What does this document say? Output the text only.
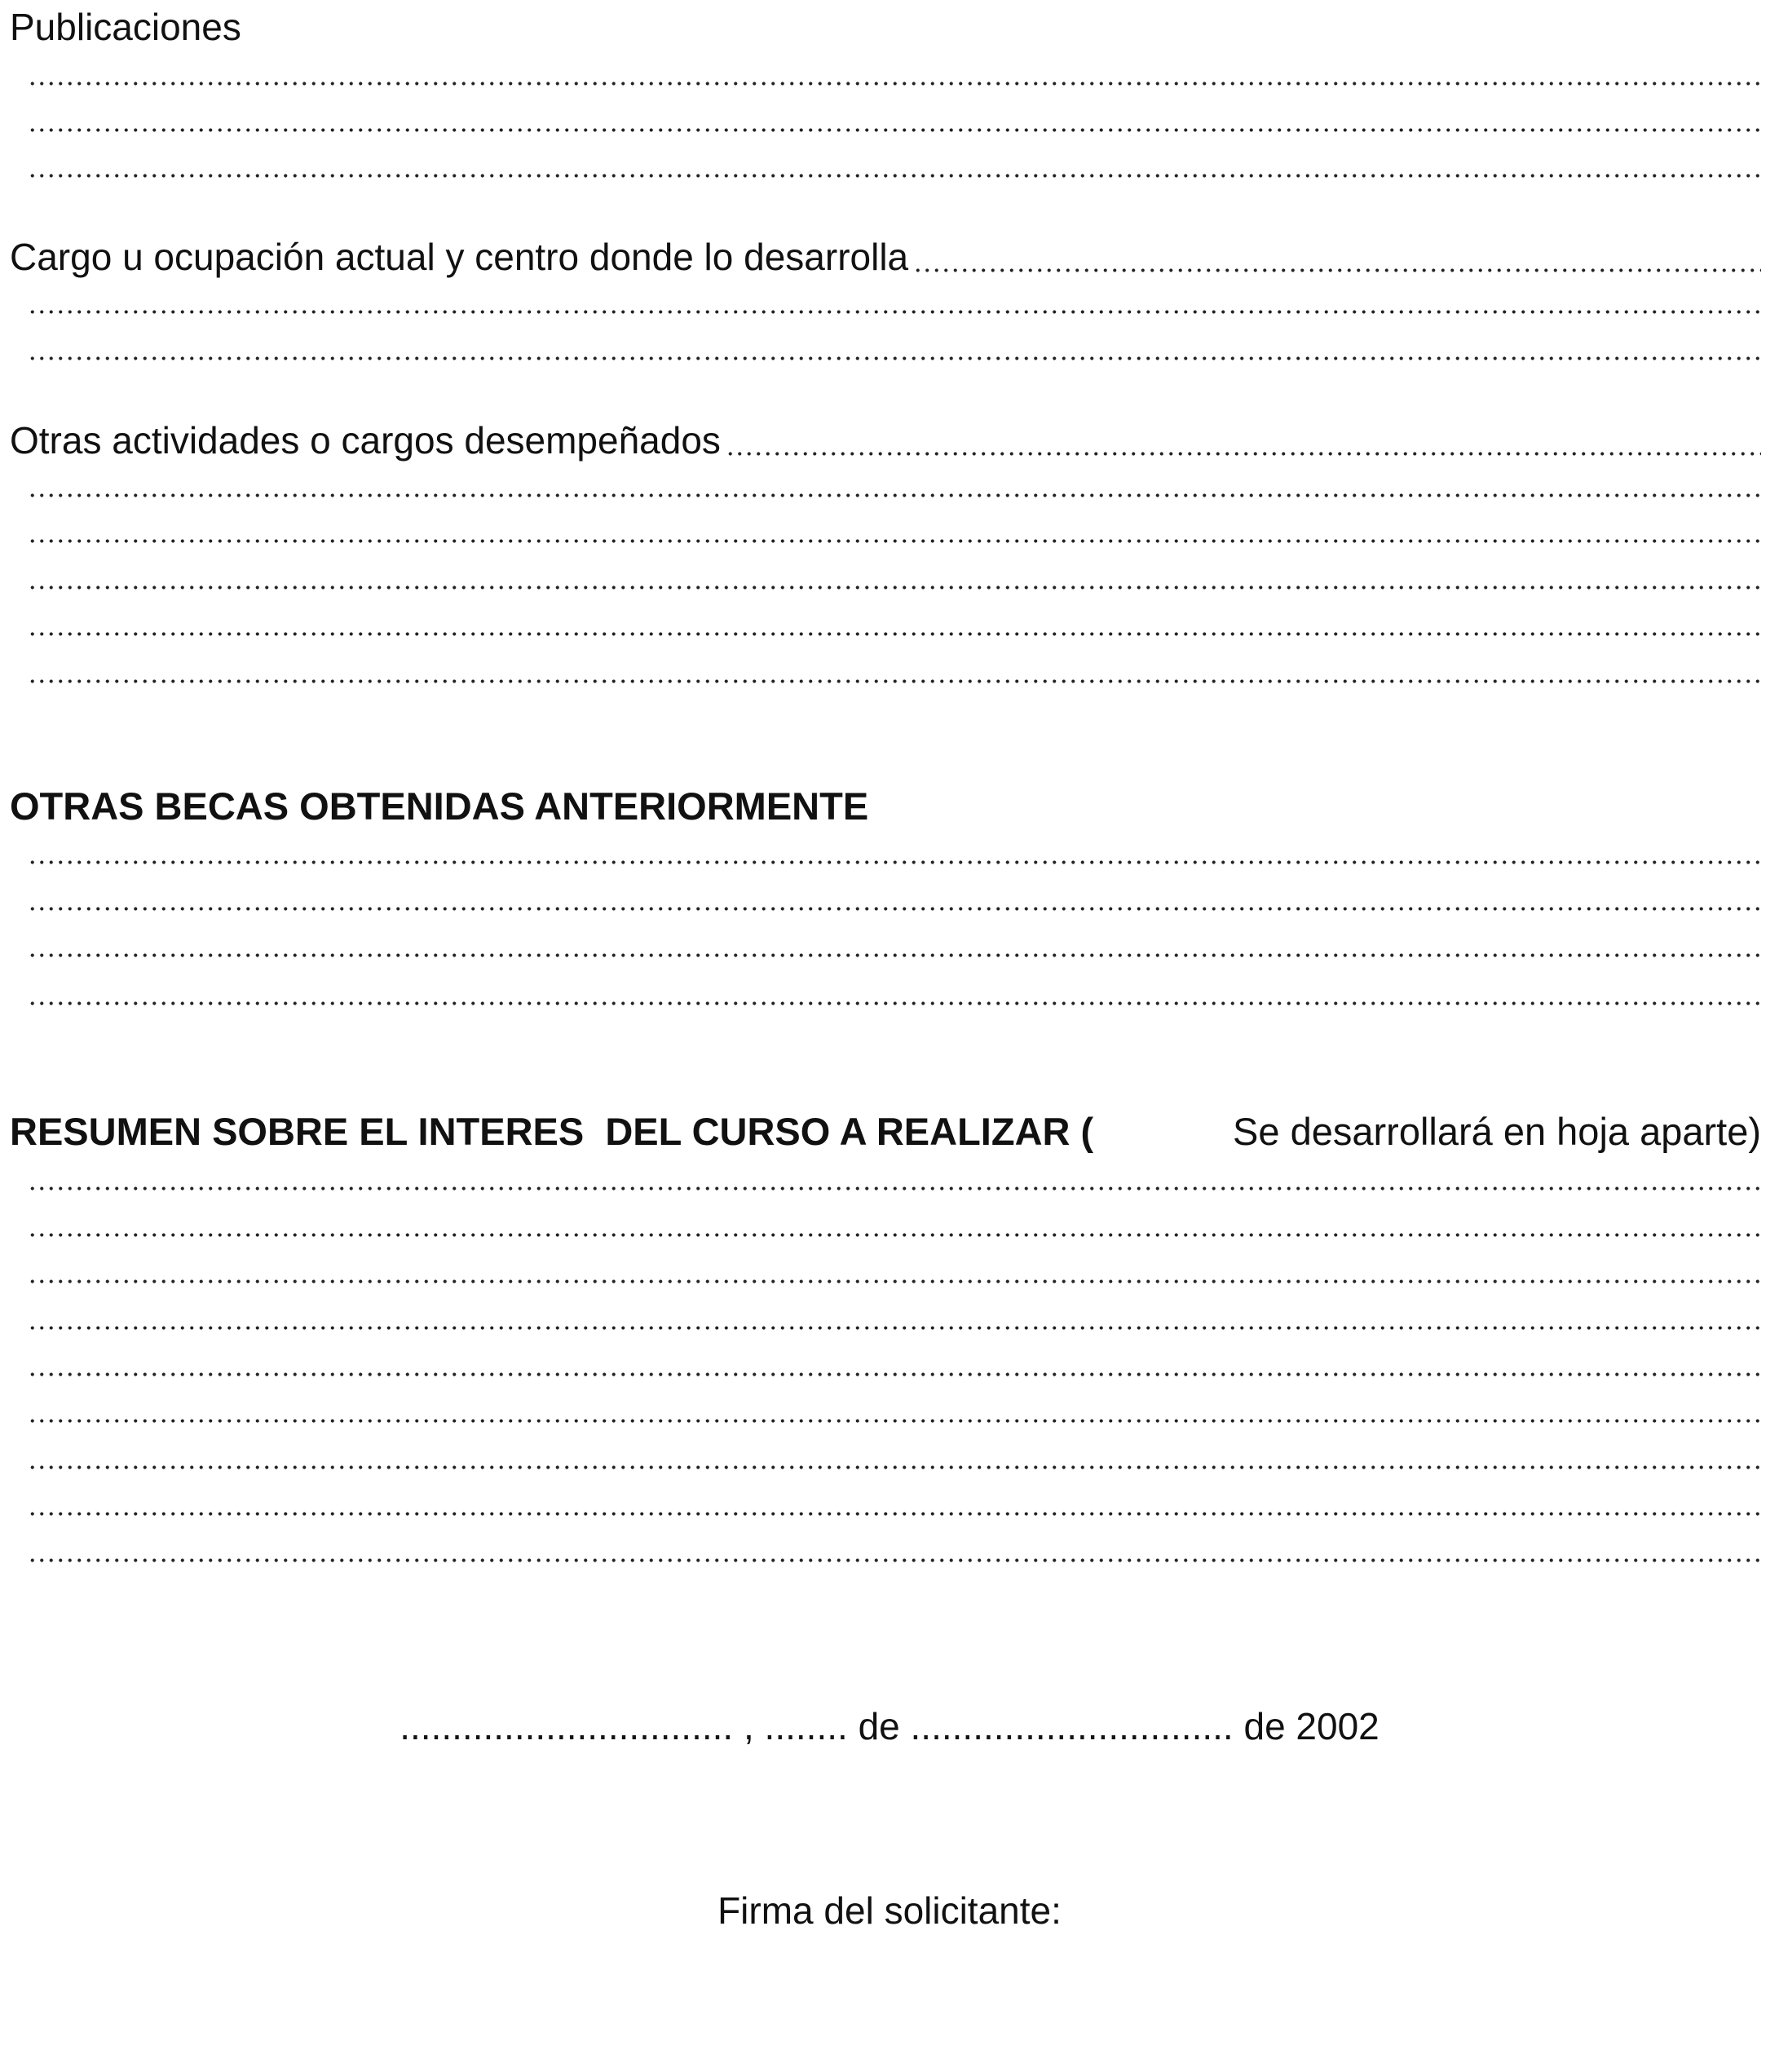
Publicaciones
Cargo u ocupación actual y centro donde lo desarrolla
Otras actividades o cargos desempeñados
OTRAS BECAS OBTENIDAS ANTERIORMENTE
RESUMEN SOBRE EL INTERES  DEL CURSO A REALIZAR (	Se desarrollará en hoja aparte)
................................ , ........ de ............................... de 2002
Firma del solicitante:
